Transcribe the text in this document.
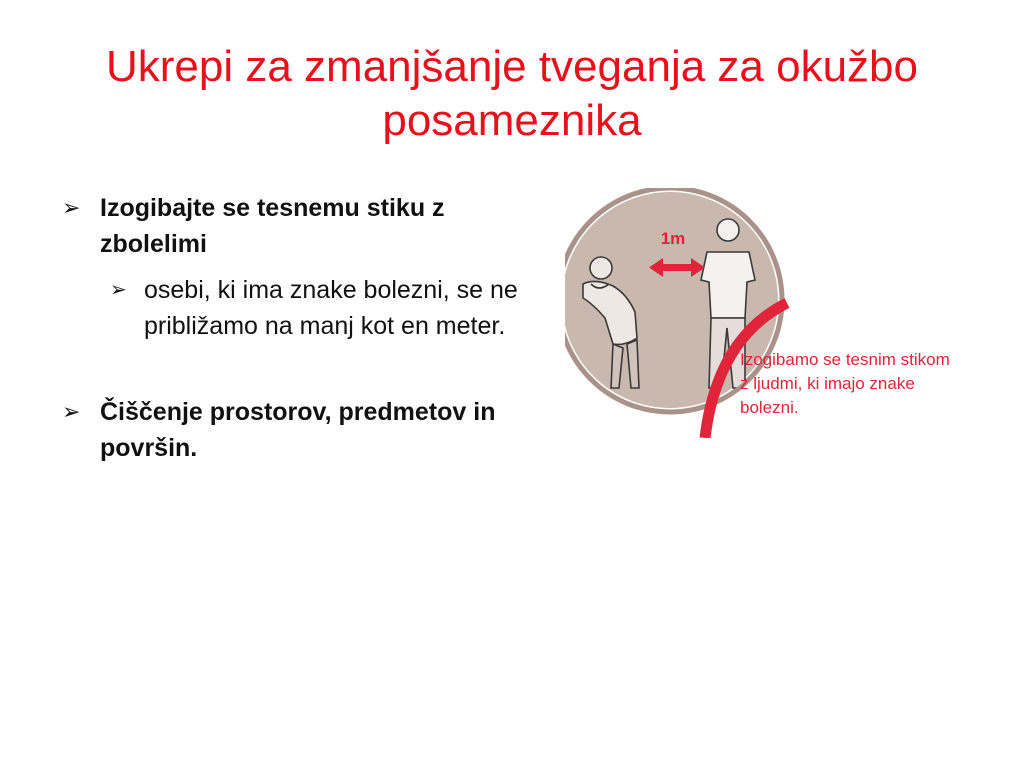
Ukrepi za zmanjšanje tveganja za okužbo posameznika
➢ Izogibajte se tesnemu stiku z zbolelimi
➢ osebi, ki ima znake bolezni, se ne približamo na manj kot en meter.
➢ Čiščenje prostorov, predmetov in površin.
1m
Izogibamo se tesnim stikom z ljudmi, ki imajo znake bolezni.
